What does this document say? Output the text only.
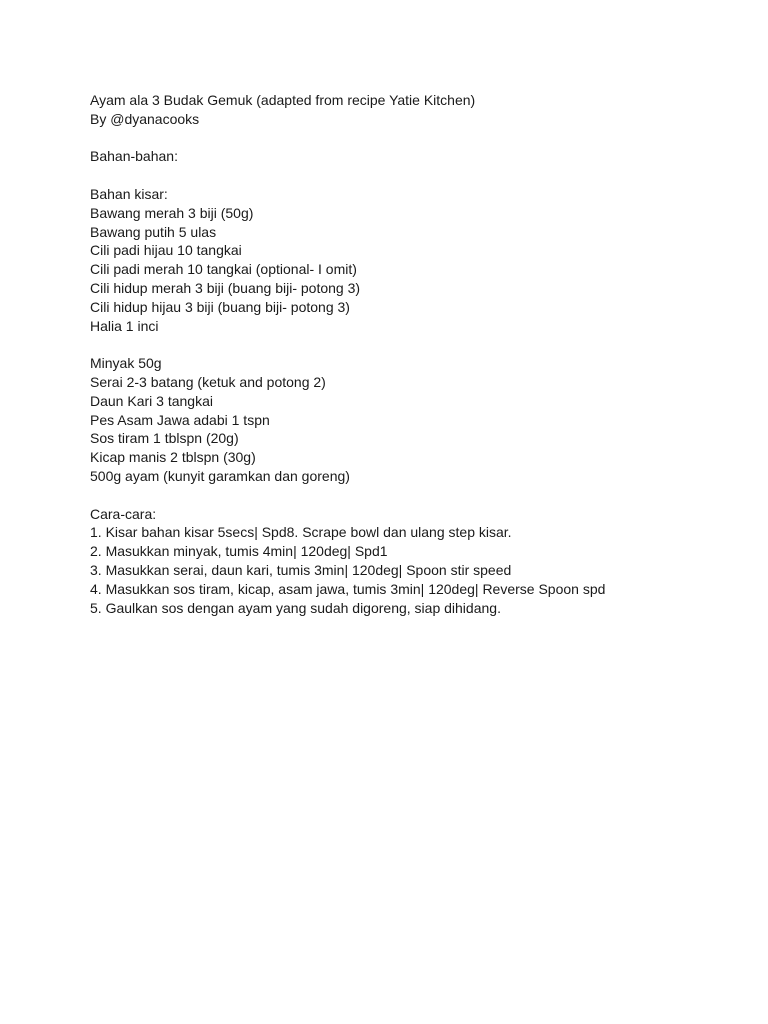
Ayam ala 3 Budak Gemuk (adapted from recipe Yatie Kitchen)
By @dyanacooks
Bahan-bahan:
Bahan kisar:
Bawang merah 3 biji (50g)
Bawang putih 5 ulas
Cili padi hijau 10 tangkai
Cili padi merah 10 tangkai (optional- I omit)
Cili hidup merah 3 biji (buang biji- potong 3)
Cili hidup hijau 3 biji (buang biji- potong 3)
Halia 1 inci
Minyak 50g
Serai 2-3 batang (ketuk and potong 2)
Daun Kari 3 tangkai
Pes Asam Jawa adabi 1 tspn
Sos tiram 1 tblspn (20g)
Kicap manis 2 tblspn (30g)
500g ayam (kunyit garamkan dan goreng)
Cara-cara:
1. Kisar bahan kisar 5secs| Spd8. Scrape bowl dan ulang step kisar.
2. Masukkan minyak, tumis 4min| 120deg| Spd1
3. Masukkan serai, daun kari, tumis 3min| 120deg| Spoon stir speed
4. Masukkan sos tiram, kicap, asam jawa, tumis 3min| 120deg| Reverse Spoon spd
5. Gaulkan sos dengan ayam yang sudah digoreng, siap dihidang.
